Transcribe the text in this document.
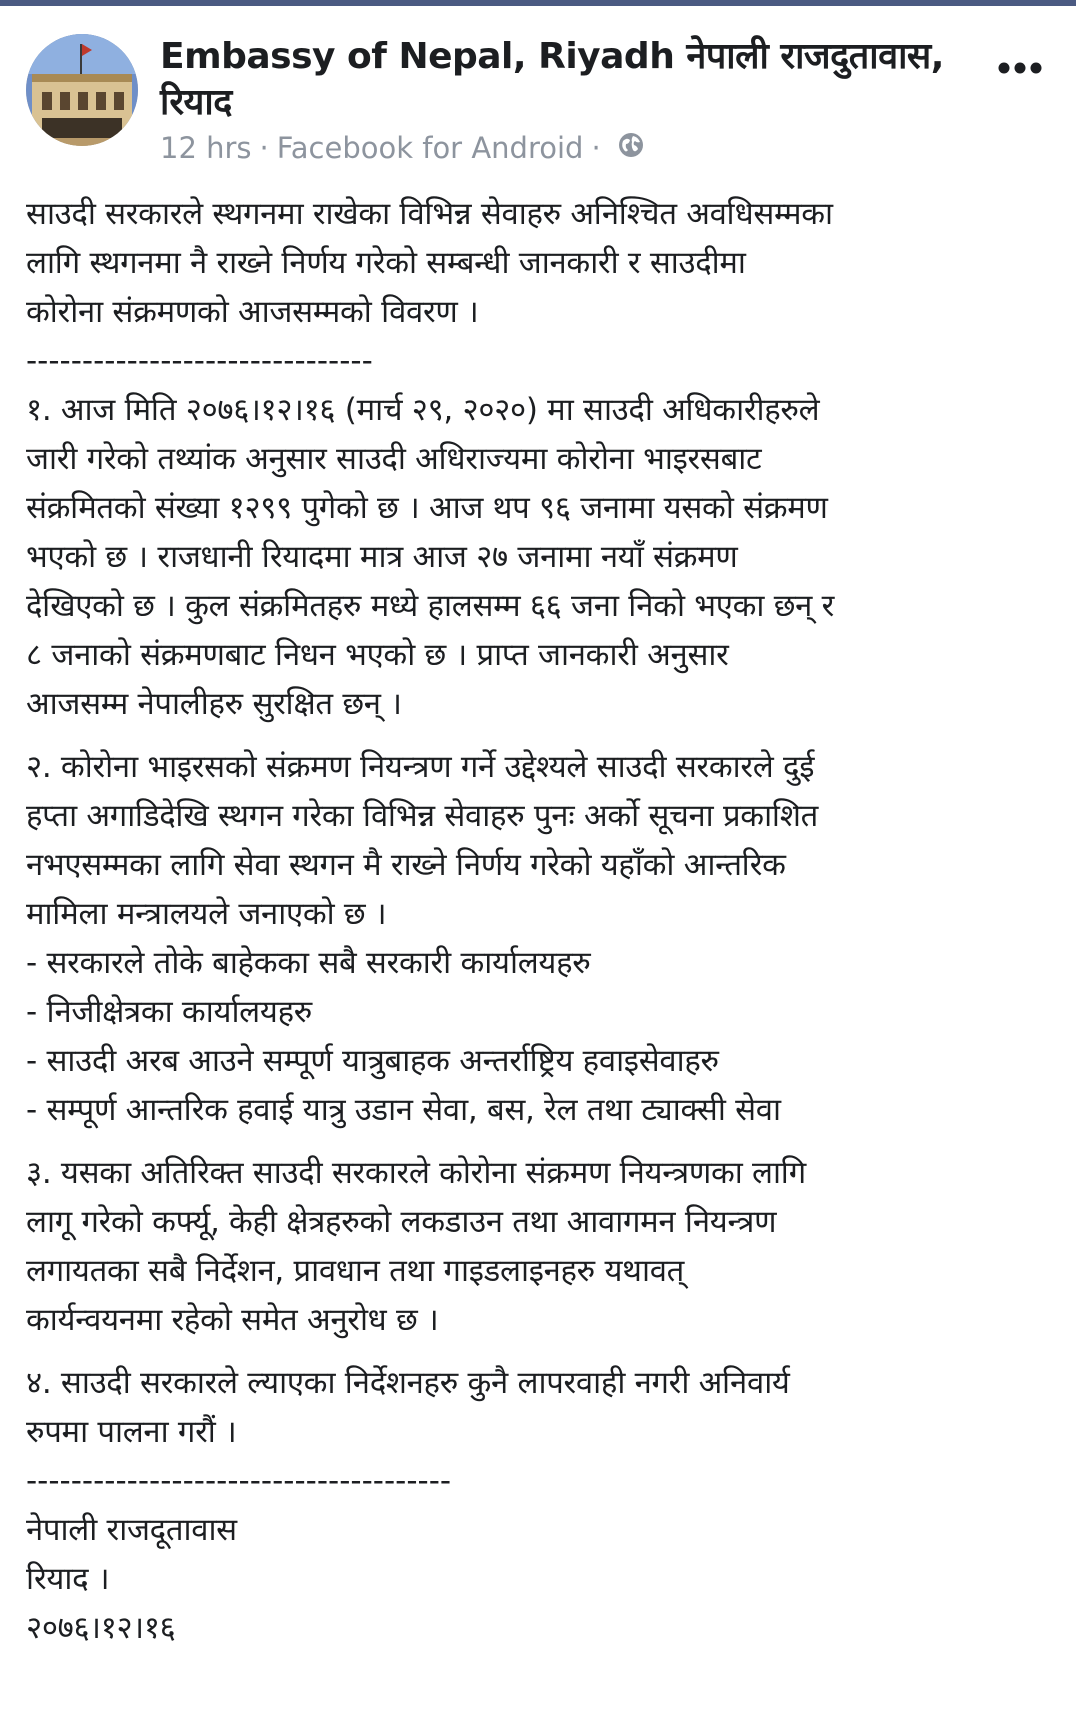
Embassy of Nepal, Riyadh नेपाली राजदुतावास, रियाद
12 hrs · Facebook for Android ·

साउदी सरकारले स्थगनमा राखेका विभिन्न सेवाहरु अनिश्चित अवधिसम्मका
लागि स्थगनमा नै राख्ने निर्णय गरेको सम्बन्धी जानकारी र साउदीमा
कोरोना संक्रमणको आजसम्मको विवरण ।

-------------------------------

१. आज मिति २०७६।१२।१६ (मार्च २९, २०२०) मा साउदी अधिकारीहरुले
जारी गरेको तथ्यांक अनुसार साउदी अधिराज्यमा कोरोना भाइरसबाट
संक्रमितको संख्या १२९९ पुगेको छ । आज थप ९६ जनामा यसको संक्रमण
भएको छ । राजधानी रियादमा मात्र आज २७ जनामा नयाँ संक्रमण
देखिएको छ । कुल संक्रमितहरु मध्ये हालसम्म ६६ जना निको भएका छन् र
८ जनाको संक्रमणबाट निधन भएको छ । प्राप्त जानकारी अनुसार
आजसम्म नेपालीहरु सुरक्षित छन् ।

२. कोरोना भाइरसको संक्रमण नियन्त्रण गर्ने उद्देश्यले साउदी सरकारले दुई
हप्ता अगाडिदेखि स्थगन गरेका विभिन्न सेवाहरु पुनः अर्को सूचना प्रकाशित
नभएसम्मका लागि सेवा स्थगन मै राख्ने निर्णय गरेको यहाँको आन्तरिक
मामिला मन्त्रालयले जनाएको छ ।
- सरकारले तोके बाहेकका सबै सरकारी कार्यालयहरु
- निजीक्षेत्रका कार्यालयहरु
- साउदी अरब आउने सम्पूर्ण यात्रुबाहक अन्तर्राष्ट्रिय हवाइसेवाहरु
- सम्पूर्ण आन्तरिक हवाई यात्रु उडान सेवा, बस, रेल तथा ट्याक्सी सेवा

३. यसका अतिरिक्त साउदी सरकारले कोरोना संक्रमण नियन्त्रणका लागि
लागू गरेको कर्फ्यू, केही क्षेत्रहरुको लकडाउन तथा आवागमन नियन्त्रण
लगायतका सबै निर्देशन, प्रावधान तथा गाइडलाइनहरु यथावत्
कार्यन्वयनमा रहेको समेत अनुरोध छ ।

४. साउदी सरकारले ल्याएका निर्देशनहरु कुनै लापरवाही नगरी अनिवार्य
रुपमा पालना गरौं ।

--------------------------------------

नेपाली राजदूतावास
रियाद ।
२०७६।१२।१६
